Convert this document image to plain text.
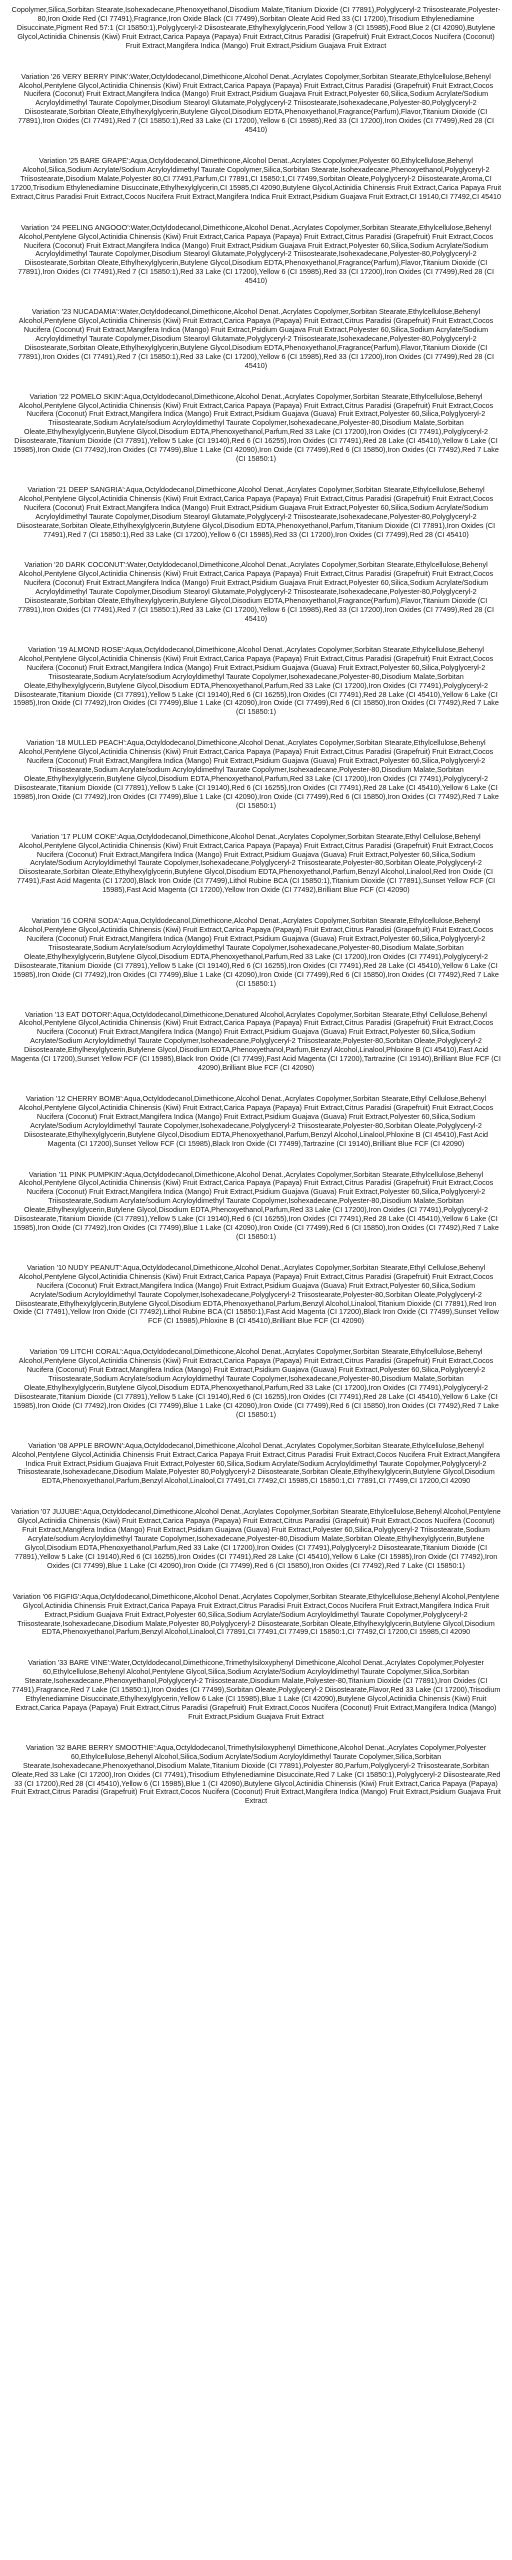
Copolymer,Silica,Sorbitan Stearate,Isohexadecane,Phenoxyethanol,Disodium Malate,Titanium Dioxide (CI 77891),Polyglyceryl-2 Triisostearate,Polyester-80,Iron Oxide Red (CI 77491),Fragrance,Iron Oxide Black (CI 77499),Sorbitan Oleate Acid Red 33 (CI 17200),Trisodium Ethylenediamine Disuccinate,Pigment Red 57:1 (CI 15850:1),Polyglyceryl-2 Diisostearate,Ethylhexylglycerin,Food Yellow 3 (CI 15985),Food Blue 2 (CI 42090),Butylene Glycol,Actinidia Chinensis (Kiwi) Fruit Extract,Carica Papaya (Papaya) Fruit Extract,Citrus Paradisi (Grapefruit) Fruit Extract,Cocos Nucifera (Coconut) Fruit Extract,Mangifera Indica (Mango) Fruit Extract,Psidium Guajava Fruit Extract

Variation '26 VERY BERRY PINK':Water,Octyldodecanol,Dimethicone,Alcohol Denat.,Acrylates Copolymer,Sorbitan Stearate,Ethylcellulose,Behenyl Alcohol,Pentylene Glycol,Actinidia Chinensis (Kiwi) Fruit Extract,Carica Papaya (Papaya) Fruit Extract,Citrus Paradisi (Grapefruit) Fruit Extract,Cocos Nucifera (Coconut) Fruit Extract,Mangifera Indica (Mango) Fruit Extract,Psidium Guajava Fruit Extract,Polyester 60,Silica,Sodium Acrylate/Sodium Acryloyldimethyl Taurate Copolymer,Disodium Stearoyl Glutamate,Polyglyceryl-2 Triisostearate,Isohexadecane,Polyester-80,Polyglyceryl-2 Diisostearate,Sorbitan Oleate,Ethylhexylglycerin,Butylene Glycol,Disodium EDTA,Phenoxyethanol,Fragrance(Parfum),Flavor,Titanium Dioxide (CI 77891),Iron Oxides (CI 77491),Red 7 (CI 15850:1),Red 33 Lake (CI 17200),Yellow 6 (CI 15985),Red 33 (CI 17200),Iron Oxides (CI 77499),Red 28 (CI 45410)

Variation '25 BARE GRAPE':Aqua,Octyldodecanol,Dimethicone,Alcohol Denat.,Acrylates Copolymer,Polyester 60,Ethylcellulose,Behenyl Alcohol,Silica,Sodium Acrylate/Sodium Acryloyldimethyl Taurate Copolymer,Silica,Sorbitan Stearate,Isohexadecane,Phenoxyethanol,Polyglyceryl-2 Triisostearate,Disodium Malate,Polyester 80,CI 77491,Parfum,CI 77891,CI 15850:1,CI 77499,Sorbitan Oleate,Polyglyceryl-2 Diisostearate,Aroma,CI 17200,Trisodium Ethylenediamine Disuccinate,Ethylhexylglycerin,CI 15985,CI 42090,Butylene Glycol,Actinidia Chinensis Fruit Extract,Carica Papaya Fruit Extract,Citrus Paradisi Fruit Extract,Cocos Nucifera Fruit Extract,Mangifera Indica Fruit Extract,Psidium Guajava Fruit Extract,CI 19140,CI 77492,CI 45410

Variation '24 PEELING ANGOOO':Water,Octyldodecanol,Dimethicone,Alcohol Denat.,Acrylates Copolymer,Sorbitan Stearate,Ethylcellulose,Behenyl Alcohol,Pentylene Glycol,Actinidia Chinensis (Kiwi) Fruit Extract,Carica Papaya (Papaya) Fruit Extract,Citrus Paradisi (Grapefruit) Fruit Extract,Cocos Nucifera (Coconut) Fruit Extract,Mangifera Indica (Mango) Fruit Extract,Psidium Guajava Fruit Extract,Polyester 60,Silica,Sodium Acrylate/Sodium Acryloyldimethyl Taurate Copolymer,Disodium Stearoyl Glutamate,Polyglyceryl-2 Triisostearate,Isohexadecane,Polyester-80,Polyglyceryl-2 Diisostearate,Sorbitan Oleate,Ethylhexylglycerin,Butylene Glycol,Disodium EDTA,Phenoxyethanol,Fragrance(Parfum),Flavor,Titanium Dioxide (CI 77891),Iron Oxides (CI 77491),Red 7 (CI 15850:1),Red 33 Lake (CI 17200),Yellow 6 (CI 15985),Red 33 (CI 17200),Iron Oxides (CI 77499),Red 28 (CI 45410)

Variation '23 NUCADAMIA':Water,Octyldodecanol,Dimethicone,Alcohol Denat.,Acrylates Copolymer,Sorbitan Stearate,Ethylcellulose,Behenyl Alcohol,Pentylene Glycol,Actinidia Chinensis (Kiwi) Fruit Extract,Carica Papaya (Papaya) Fruit Extract,Citrus Paradisi (Grapefruit) Fruit Extract,Cocos Nucifera (Coconut) Fruit Extract,Mangifera Indica (Mango) Fruit Extract,Psidium Guajava Fruit Extract,Polyester 60,Silica,Sodium Acrylate/Sodium Acryloyldimethyl Taurate Copolymer,Disodium Stearoyl Glutamate,Polyglyceryl-2 Triisostearate,Isohexadecane,Polyester-80,Polyglyceryl-2 Diisostearate,Sorbitan Oleate,Ethylhexylglycerin,Butylene Glycol,Disodium EDTA,Phenoxyethanol,Fragrance(Parfum),Flavor,Titanium Dioxide (CI 77891),Iron Oxides (CI 77491),Red 7 (CI 15850:1),Red 33 Lake (CI 17200),Yellow 6 (CI 15985),Red 33 (CI 17200),Iron Oxides (CI 77499),Red 28 (CI 45410)

Variation '22 POMELO SKIN':Aqua,Octyldodecanol,Dimethicone,Alcohol Denat.,Acrylates Copolymer,Sorbitan Stearate,Ethylcellulose,Behenyl Alcohol,Pentylene Glycol,Actinidia Chinensis (Kiwi) Fruit Extract,Carica Papaya (Papaya) Fruit Extract,Citrus Paradisi (Grapefruit) Fruit Extract,Cocos Nucifera (Coconut) Fruit Extract,Mangifera Indica (Mango) Fruit Extract,Psidium Guajava (Guava) Fruit Extract,Polyester 60,Silica,Polyglyceryl-2 Triisostearate,Sodium Acrylate/sodium Acryloyldimethyl Taurate Copolymer,Isohexadecane,Polyester-80,Disodium Malate,Sorbitan Oleate,Ethylhexylglycerin,Butylene Glycol,Disodium EDTA,Phenoxyethanol,Parfum,Red 33 Lake (CI 17200),Iron Oxides (CI 77491),Polyglyceryl-2 Diisostearate,Titanium Dioxide (CI 77891),Yellow 5 Lake (CI 19140),Red 6 (CI 16255),Iron Oxides (CI 77491),Red 28 Lake (CI 45410),Yellow 6 Lake (CI 15985),Iron Oxide (CI 77492),Iron Oxides (CI 77499),Blue 1 Lake (CI 42090),Iron Oxide (CI 77499),Red 6 (CI 15850),Iron Oxides (CI 77492),Red 7 Lake (CI 15850:1)

Variation '21 DEEP SANGRIA':Aqua,Octyldodecanol,Dimethicone,Alcohol Denat.,Acrylates Copolymer,Sorbitan Stearate,Ethylcellulose,Behenyl Alcohol,Pentylene Glycol,Actinidia Chinensis (Kiwi) Fruit Extract,Carica Papaya (Papaya) Fruit Extract,Citrus Paradisi (Grapefruit) Fruit Extract,Cocos Nucifera (Coconut) Fruit Extract,Mangifera Indica (Mango) Fruit Extract,Psidium Guajava Fruit Extract,Polyester 60,Silica,Sodium Acrylate/Sodium Acryloyldimethyl Taurate Copolymer,Disodium Stearoyl Glutamate,Polyglyceryl-2 Triisostearate,Isohexadecane,Polyester-80,Polyglyceryl-2 Diisostearate,Sorbitan Oleate,Ethylhexylglycerin,Butylene Glycol,Disodium EDTA,Phenoxyethanol,Parfum,Titanium Dioxide (CI 77891),Iron Oxides (CI 77491),Red 7 (CI 15850:1),Red 33 Lake (CI 17200),Yellow 6 (CI 15985),Red 33 (CI 17200),Iron Oxides (CI 77499),Red 28 (CI 45410)

Variation '20 DARK COCONUT':Water,Octyldodecanol,Dimethicone,Alcohol Denat.,Acrylates Copolymer,Sorbitan Stearate,Ethylcellulose,Behenyl Alcohol,Pentylene Glycol,Actinidia Chinensis (Kiwi) Fruit Extract,Carica Papaya (Papaya) Fruit Extract,Citrus Paradisi (Grapefruit) Fruit Extract,Cocos Nucifera (Coconut) Fruit Extract,Mangifera Indica (Mango) Fruit Extract,Psidium Guajava Fruit Extract,Polyester 60,Silica,Sodium Acrylate/Sodium Acryloyldimethyl Taurate Copolymer,Disodium Stearoyl Glutamate,Polyglyceryl-2 Triisostearate,Isohexadecane,Polyester-80,Polyglyceryl-2 Diisostearate,Sorbitan Oleate,Ethylhexylglycerin,Butylene Glycol,Disodium EDTA,Phenoxyethanol,Fragrance(Parfum),Flavor,Titanium Dioxide (CI 77891),Iron Oxides (CI 77491),Red 7 (CI 15850:1),Red 33 Lake (CI 17200),Yellow 6 (CI 15985),Red 33 (CI 17200),Iron Oxides (CI 77499),Red 28 (CI 45410)

Variation '19 ALMOND ROSE':Aqua,Octyldodecanol,Dimethicone,Alcohol Denat.,Acrylates Copolymer,Sorbitan Stearate,Ethylcellulose,Behenyl Alcohol,Pentylene Glycol,Actinidia Chinensis (Kiwi) Fruit Extract,Carica Papaya (Papaya) Fruit Extract,Citrus Paradisi (Grapefruit) Fruit Extract,Cocos Nucifera (Coconut) Fruit Extract,Mangifera Indica (Mango) Fruit Extract,Psidium Guajava (Guava) Fruit Extract,Polyester 60,Silica,Polyglyceryl-2 Triisostearate,Sodium Acrylate/sodium Acryloyldimethyl Taurate Copolymer,Isohexadecane,Polyester-80,Disodium Malate,Sorbitan Oleate,Ethylhexylglycerin,Butylene Glycol,Disodium EDTA,Phenoxyethanol,Parfum,Red 33 Lake (CI 17200),Iron Oxides (CI 77491),Polyglyceryl-2 Diisostearate,Titanium Dioxide (CI 77891),Yellow 5 Lake (CI 19140),Red 6 (CI 16255),Iron Oxides (CI 77491),Red 28 Lake (CI 45410),Yellow 6 Lake (CI 15985),Iron Oxide (CI 77492),Iron Oxides (CI 77499),Blue 1 Lake (CI 42090),Iron Oxide (CI 77499),Red 6 (CI 15850),Iron Oxides (CI 77492),Red 7 Lake (CI 15850:1)

Variation '18 MULLED PEACH':Aqua,Octyldodecanol,Dimethicone,Alcohol Denat.,Acrylates Copolymer,Sorbitan Stearate,Ethylcellulose,Behenyl Alcohol,Pentylene Glycol,Actinidia Chinensis (Kiwi) Fruit Extract,Carica Papaya (Papaya) Fruit Extract,Citrus Paradisi (Grapefruit) Fruit Extract,Cocos Nucifera (Coconut) Fruit Extract,Mangifera Indica (Mango) Fruit Extract,Psidium Guajava (Guava) Fruit Extract,Polyester 60,Silica,Polyglyceryl-2 Triisostearate,Sodium Acrylate/sodium Acryloyldimethyl Taurate Copolymer,Isohexadecane,Polyester-80,Disodium Malate,Sorbitan Oleate,Ethylhexylglycerin,Butylene Glycol,Disodium EDTA,Phenoxyethanol,Parfum,Red 33 Lake (CI 17200),Iron Oxides (CI 77491),Polyglyceryl-2 Diisostearate,Titanium Dioxide (CI 77891),Yellow 5 Lake (CI 19140),Red 6 (CI 16255),Iron Oxides (CI 77491),Red 28 Lake (CI 45410),Yellow 6 Lake (CI 15985),Iron Oxide (CI 77492),Iron Oxides (CI 77499),Blue 1 Lake (CI 42090),Iron Oxide (CI 77499),Red 6 (CI 15850),Iron Oxides (CI 77492),Red 7 Lake (CI 15850:1)

Variation '17 PLUM COKE':Aqua,Octyldodecanol,Dimethicone,Alcohol Denat.,Acrylates Copolymer,Sorbitan Stearate,Ethyl Cellulose,Behenyl Alcohol,Pentylene Glycol,Actinidia Chinensis (Kiwi) Fruit Extract,Carica Papaya (Papaya) Fruit Extract,Citrus Paradisi (Grapefruit) Fruit Extract,Cocos Nucifera (Coconut) Fruit Extract,Mangifera Indica (Mango) Fruit Extract,Psidium Guajava (Guava) Fruit Extract,Polyester 60,Silica,Sodium Acrylate/Sodium Acryloyldimethyl Taurate Copolymer,Isohexadecane,Polyglyceryl-2 Triisostearate,Polyester-80,Sorbitan Oleate,Polyglyceryl-2 Diisostearate,Sorbitan Oleate,Ethylhexylglycerin,Butylene Glycol,Disodium EDTA,Phenoxyethanol,Parfum,Benzyl Alcohol,Linalool,Red Iron Oxide (CI 77491),Fast Acid Magenta (CI 17200),Black Iron Oxide (CI 77499),Lithol Rubine BCA (CI 15850:1),Titanium Dioxide (CI 77891),Sunset Yellow FCF (CI 15985),Fast Acid Magenta (CI 17200),Yellow Iron Oxide (CI 77492),Brilliant Blue FCF (CI 42090)

Variation '16 CORNI SODA':Aqua,Octyldodecanol,Dimethicone,Alcohol Denat.,Acrylates Copolymer,Sorbitan Stearate,Ethylcellulose,Behenyl Alcohol,Pentylene Glycol,Actinidia Chinensis (Kiwi) Fruit Extract,Carica Papaya (Papaya) Fruit Extract,Citrus Paradisi (Grapefruit) Fruit Extract,Cocos Nucifera (Coconut) Fruit Extract,Mangifera Indica (Mango) Fruit Extract,Psidium Guajava (Guava) Fruit Extract,Polyester 60,Silica,Polyglyceryl-2 Triisostearate,Sodium Acrylate/sodium Acryloyldimethyl Taurate Copolymer,Isohexadecane,Polyester-80,Disodium Malate,Sorbitan Oleate,Ethylhexylglycerin,Butylene Glycol,Disodium EDTA,Phenoxyethanol,Parfum,Red 33 Lake (CI 17200),Iron Oxides (CI 77491),Polyglyceryl-2 Diisostearate,Titanium Dioxide (CI 77891),Yellow 5 Lake (CI 19140),Red 6 (CI 16255),Iron Oxides (CI 77491),Red 28 Lake (CI 45410),Yellow 6 Lake (CI 15985),Iron Oxide (CI 77492),Iron Oxides (CI 77499),Blue 1 Lake (CI 42090),Iron Oxide (CI 77499),Red 6 (CI 15850),Iron Oxides (CI 77492),Red 7 Lake (CI 15850:1)

Variation '13 EAT DOTORI':Aqua,Octyldodecanol,Dimethicone,Denatured Alcohol,Acrylates Copolymer,Sorbitan Stearate,Ethyl Cellulose,Behenyl Alcohol,Pentylene Glycol,Actinidia Chinensis (Kiwi) Fruit Extract,Carica Papaya (Papaya) Fruit Extract,Citrus Paradisi (Grapefruit) Fruit Extract,Cocos Nucifera (Coconut) Fruit Extract,Mangifera Indica (Mango) Fruit Extract,Psidium Guajava (Guava) Fruit Extract,Polyester 60,Silica,Sodium Acrylate/Sodium Acryloyldimethyl Taurate Copolymer,Isohexadecane,Polyglyceryl-2 Triisostearate,Polyester-80,Sorbitan Oleate,Polyglyceryl-2 Diisostearate,Ethylhexylglycerin,Butylene Glycol,Disodium EDTA,Phenoxyethanol,Parfum,Benzyl Alcohol,Linalool,Phloxine B (CI 45410),Fast Acid Magenta (CI 17200),Sunset Yellow FCF (CI 15985),Black Iron Oxide (CI 77499),Fast Acid Magenta (CI 17200),Tartrazine (CI 19140),Brilliant Blue FCF (CI 42090),Brilliant Blue FCF (CI 42090)

Variation '12 CHERRY BOMB':Aqua,Octyldodecanol,Dimethicone,Alcohol Denat.,Acrylates Copolymer,Sorbitan Stearate,Ethyl Cellulose,Behenyl Alcohol,Pentylene Glycol,Actinidia Chinensis (Kiwi) Fruit Extract,Carica Papaya (Papaya) Fruit Extract,Citrus Paradisi (Grapefruit) Fruit Extract,Cocos Nucifera (Coconut) Fruit Extract,Mangifera Indica (Mango) Fruit Extract,Psidium Guajava (Guava) Fruit Extract,Polyester 60,Silica,Sodium Acrylate/Sodium Acryloyldimethyl Taurate Copolymer,Isohexadecane,Polyglyceryl-2 Triisostearate,Polyester-80,Sorbitan Oleate,Polyglyceryl-2 Diisostearate,Ethylhexylglycerin,Butylene Glycol,Disodium EDTA,Phenoxyethanol,Parfum,Benzyl Alcohol,Linalool,Phloxine B (CI 45410),Fast Acid Magenta (CI 17200),Sunset Yellow FCF (CI 15985),Black Iron Oxide (CI 77499),Tartrazine (CI 19140),Brilliant Blue FCF (CI 42090)

Variation '11 PINK PUMPKIN':Aqua,Octyldodecanol,Dimethicone,Alcohol Denat.,Acrylates Copolymer,Sorbitan Stearate,Ethylcellulose,Behenyl Alcohol,Pentylene Glycol,Actinidia Chinensis (Kiwi) Fruit Extract,Carica Papaya (Papaya) Fruit Extract,Citrus Paradisi (Grapefruit) Fruit Extract,Cocos Nucifera (Coconut) Fruit Extract,Mangifera Indica (Mango) Fruit Extract,Psidium Guajava (Guava) Fruit Extract,Polyester 60,Silica,Polyglyceryl-2 Triisostearate,Sodium Acrylate/sodium Acryloyldimethyl Taurate Copolymer,Isohexadecane,Polyester-80,Disodium Malate,Sorbitan Oleate,Ethylhexylglycerin,Butylene Glycol,Disodium EDTA,Phenoxyethanol,Parfum,Red 33 Lake (CI 17200),Iron Oxides (CI 77491),Polyglyceryl-2 Diisostearate,Titanium Dioxide (CI 77891),Yellow 5 Lake (CI 19140),Red 6 (CI 16255),Iron Oxides (CI 77491),Red 28 Lake (CI 45410),Yellow 6 Lake (CI 15985),Iron Oxide (CI 77492),Iron Oxides (CI 77499),Blue 1 Lake (CI 42090),Iron Oxide (CI 77499),Red 6 (CI 15850),Iron Oxides (CI 77492),Red 7 Lake (CI 15850:1)

Variation '10 NUDY PEANUT':Aqua,Octyldodecanol,Dimethicone,Alcohol Denat.,Acrylates Copolymer,Sorbitan Stearate,Ethyl Cellulose,Behenyl Alcohol,Pentylene Glycol,Actinidia Chinensis (Kiwi) Fruit Extract,Carica Papaya (Papaya) Fruit Extract,Citrus Paradisi (Grapefruit) Fruit Extract,Cocos Nucifera (Coconut) Fruit Extract,Mangifera Indica (Mango) Fruit Extract,Psidium Guajava (Guava) Fruit Extract,Polyester 60,Silica,Sodium Acrylate/Sodium Acryloyldimethyl Taurate Copolymer,Isohexadecane,Polyglyceryl-2 Triisostearate,Polyester-80,Sorbitan Oleate,Polyglyceryl-2 Diisostearate,Ethylhexylglycerin,Butylene Glycol,Disodium EDTA,Phenoxyethanol,Parfum,Benzyl Alcohol,Linalool,Titanium Dioxide (CI 77891),Red Iron Oxide (CI 77491),Yellow Iron Oxide (CI 77492),Lithol Rubine BCA (CI 15850:1),Fast Acid Magenta (CI 17200),Black Iron Oxide (CI 77499),Sunset Yellow FCF (CI 15985),Phloxine B (CI 45410),Brilliant Blue FCF (CI 42090)

Variation '09 LITCHI CORAL':Aqua,Octyldodecanol,Dimethicone,Alcohol Denat.,Acrylates Copolymer,Sorbitan Stearate,Ethylcellulose,Behenyl Alcohol,Pentylene Glycol,Actinidia Chinensis (Kiwi) Fruit Extract,Carica Papaya (Papaya) Fruit Extract,Citrus Paradisi (Grapefruit) Fruit Extract,Cocos Nucifera (Coconut) Fruit Extract,Mangifera Indica (Mango) Fruit Extract,Psidium Guajava (Guava) Fruit Extract,Polyester 60,Silica,Polyglyceryl-2 Triisostearate,Sodium Acrylate/sodium Acryloyldimethyl Taurate Copolymer,Isohexadecane,Polyester-80,Disodium Malate,Sorbitan Oleate,Ethylhexylglycerin,Butylene Glycol,Disodium EDTA,Phenoxyethanol,Parfum,Red 33 Lake (CI 17200),Iron Oxides (CI 77491),Polyglyceryl-2 Diisostearate,Titanium Dioxide (CI 77891),Yellow 5 Lake (CI 19140),Red 6 (CI 16255),Iron Oxides (CI 77491),Red 28 Lake (CI 45410),Yellow 6 Lake (CI 15985),Iron Oxide (CI 77492),Iron Oxides (CI 77499),Blue 1 Lake (CI 42090),Iron Oxide (CI 77499),Red 6 (CI 15850),Iron Oxides (CI 77492),Red 7 Lake (CI 15850:1)

Variation '08 APPLE BROWN':Aqua,Octyldodecanol,Dimethicone,Alcohol Denat.,Acrylates Copolymer,Sorbitan Stearate,Ethylcellulose,Behenyl Alcohol,Pentylene Glycol,Actinidia Chinensis Fruit Extract,Carica Papaya Fruit Extract,Citrus Paradisi Fruit Extract,Cocos Nucifera Fruit Extract,Mangifera Indica Fruit Extract,Psidium Guajava Fruit Extract,Polyester 60,Silica,Sodium Acrylate/Sodium Acryloyldimethyl Taurate Copolymer,Polyglyceryl-2 Triisostearate,Isohexadecane,Disodium Malate,Polyester 80,Polyglyceryl-2 Diisostearate,Sorbitan Oleate,Ethylhexylglycerin,Butylene Glycol,Disodium EDTA,Phenoxyethanol,Parfum,Benzyl Alcohol,Linalool,CI 77491,CI 77492,CI 15985,CI 15850:1,CI 77891,CI 77499,CI 17200,CI 42090

Variation '07 JUJUBE':Aqua,Octyldodecanol,Dimethicone,Alcohol Denat.,Acrylates Copolymer,Sorbitan Stearate,Ethylcellulose,Behenyl Alcohol,Pentylene Glycol,Actinidia Chinensis (Kiwi) Fruit Extract,Carica Papaya (Papaya) Fruit Extract,Citrus Paradisi (Grapefruit) Fruit Extract,Cocos Nucifera (Coconut) Fruit Extract,Mangifera Indica (Mango) Fruit Extract,Psidium Guajava (Guava) Fruit Extract,Polyester 60,Silica,Polyglyceryl-2 Triisostearate,Sodium Acrylate/sodium Acryloyldimethyl Taurate Copolymer,Isohexadecane,Polyester-80,Disodium Malate,Sorbitan Oleate,Ethylhexylglycerin,Butylene Glycol,Disodium EDTA,Phenoxyethanol,Parfum,Red 33 Lake (CI 17200),Iron Oxides (CI 77491),Polyglyceryl-2 Diisostearate,Titanium Dioxide (CI 77891),Yellow 5 Lake (CI 19140),Red 6 (CI 16255),Iron Oxides (CI 77491),Red 28 Lake (CI 45410),Yellow 6 Lake (CI 15985),Iron Oxide (CI 77492),Iron Oxides (CI 77499),Blue 1 Lake (CI 42090),Iron Oxide (CI 77499),Red 6 (CI 15850),Iron Oxides (CI 77492),Red 7 Lake (CI 15850:1)

Variation '06 FIGFIG':Aqua,Octyldodecanol,Dimethicone,Alcohol Denat.,Acrylates Copolymer,Sorbitan Stearate,Ethylcellulose,Behenyl Alcohol,Pentylene Glycol,Actinidia Chinensis Fruit Extract,Carica Papaya Fruit Extract,Citrus Paradisi Fruit Extract,Cocos Nucifera Fruit Extract,Mangifera Indica Fruit Extract,Psidium Guajava Fruit Extract,Polyester 60,Silica,Sodium Acrylate/Sodium Acryloyldimethyl Taurate Copolymer,Polyglyceryl-2 Triisostearate,Isohexadecane,Disodium Malate,Polyester 80,Polyglyceryl-2 Diisostearate,Sorbitan Oleate,Ethylhexylglycerin,Butylene Glycol,Disodium EDTA,Phenoxyethanol,Parfum,Benzyl Alcohol,Linalool,CI 77891,CI 77491,CI 77499,CI 15850:1,CI 77492,CI 17200,CI 15985,CI 42090

Variation '33 BARE VINE':Water,Octyldodecanol,Dimethicone,Trimethylsiloxyphenyl Dimethicone,Alcohol Denat.,Acrylates Copolymer,Polyester 60,Ethylcellulose,Behenyl Alcohol,Pentylene Glycol,Silica,Sodium Acrylate/Sodium Acryloyldimethyl Taurate Copolymer,Silica,Sorbitan Stearate,Isohexadecane,Phenoxyethanol,Polyglyceryl-2 Triisostearate,Disodium Malate,Polyester-80,Titanium Dioxide (CI 77891),Iron Oxides (CI 77491),Fragrance,Red 7 Lake (CI 15850:1),Iron Oxides (CI 77499),Sorbitan Oleate,Polyglyceryl-2 Diisostearate,Flavor,Red 33 Lake (CI 17200),Trisodium Ethylenediamine Disuccinate,Ethylhexylglycerin,Yellow 6 Lake (CI 15985),Blue 1 Lake (CI 42090),Butylene Glycol,Actinidia Chinensis (Kiwi) Fruit Extract,Carica Papaya (Papaya) Fruit Extract,Citrus Paradisi (Grapefruit) Fruit Extract,Cocos Nucifera (Coconut) Fruit Extract,Mangifera Indica (Mango) Fruit Extract,Psidium Guajava Fruit Extract

Variation '32 BARE BERRY SMOOTHIE':Aqua,Octyldodecanol,Trimethylsiloxyphenyl Dimethicone,Alcohol Denat.,Acrylates Copolymer,Polyester 60,Ethylcellulose,Behenyl Alcohol,Silica,Sodium Acrylate/Sodium Acryloyldimethyl Taurate Copolymer,Silica,Sorbitan Stearate,Isohexadecane,Phenoxyethanol,Disodium Malate,Titanium Dioxide (CI 77891),Polyester 80,Parfum,Polyglyceryl-2 Triisostearate,Sorbitan Oleate,Red 33 Lake (CI 17200),Iron Oxides (CI 77491),Trisodium Ethylenediamine Disuccinate,Red 7 Lake (CI 15850:1),Polyglyceryl-2 Diisostearate,Red 33 (CI 17200),Red 28 (CI 45410),Yellow 6 (CI 15985),Blue 1 (CI 42090),Butylene Glycol,Actinidia Chinensis (Kiwi) Fruit Extract,Carica Papaya (Papaya) Fruit Extract,Citrus Paradisi (Grapefruit) Fruit Extract,Cocos Nucifera (Coconut) Fruit Extract,Mangifera Indica (Mango) Fruit Extract,Psidium Guajava Fruit Extract
